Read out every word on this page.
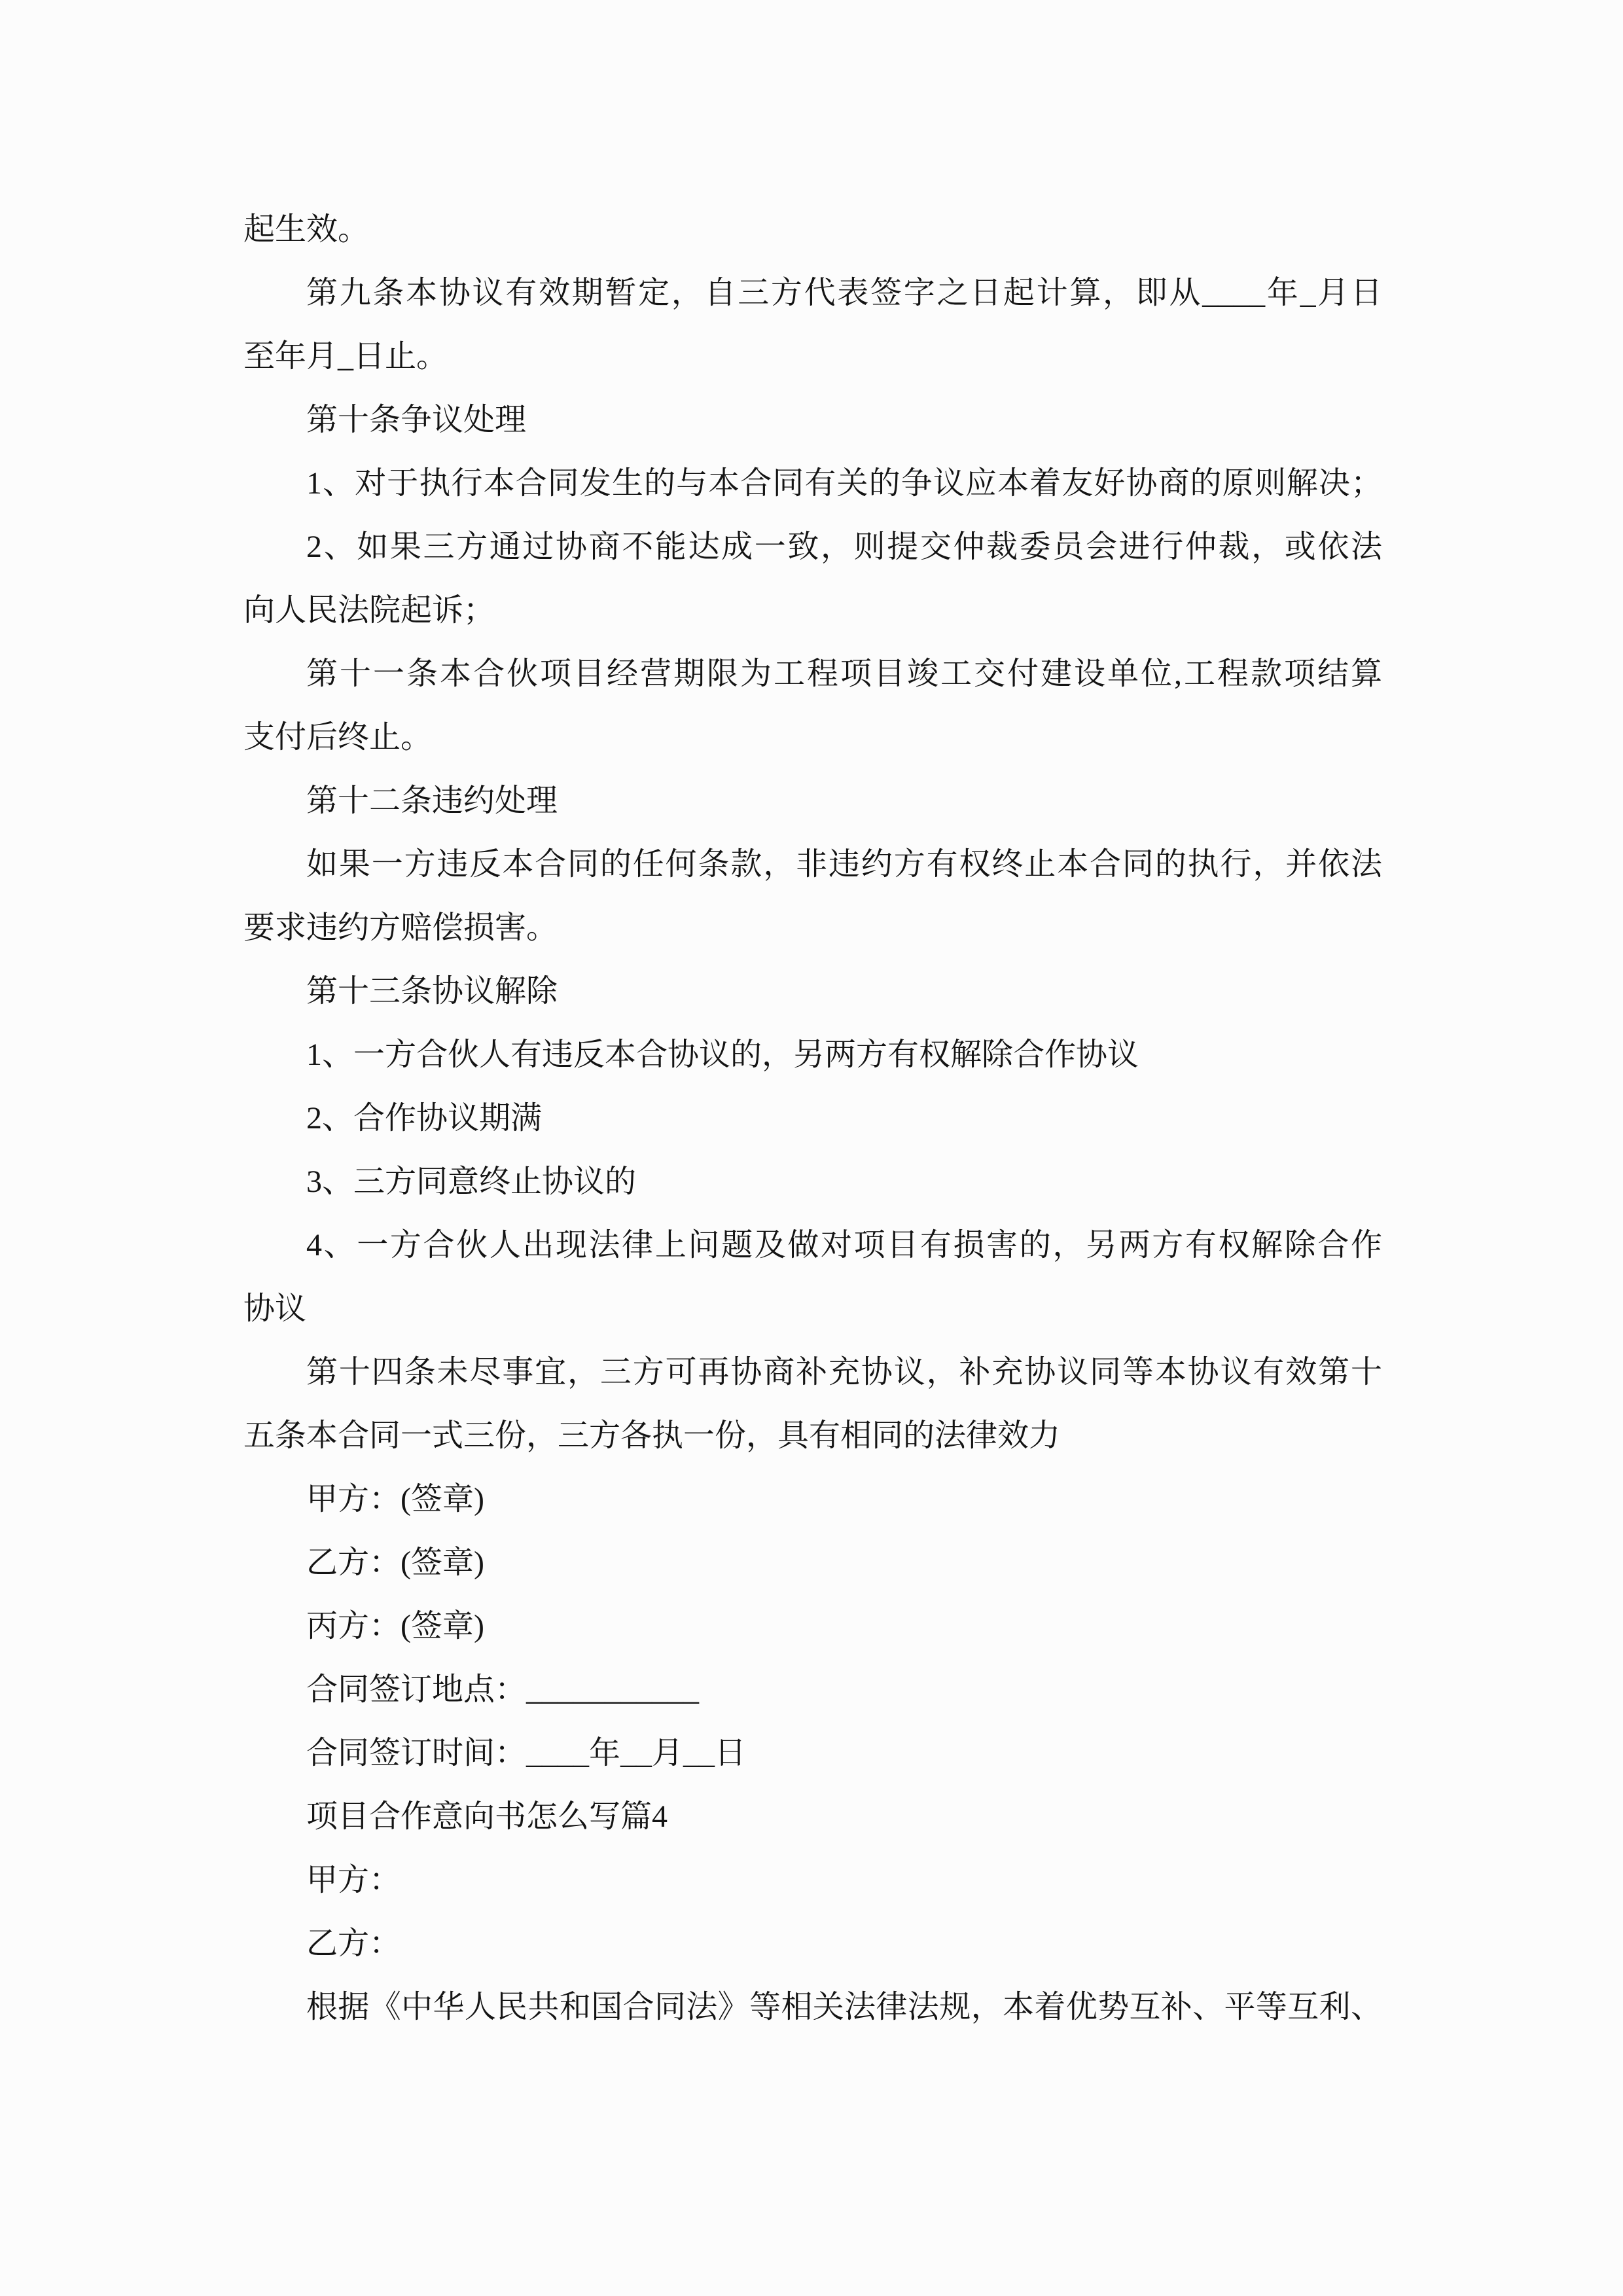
起生效。
第九条本协议有效期暂定，自三方代表签字之日起计算，即从____年_月日
至年月_日止。
第十条争议处理
1、对于执行本合同发生的与本合同有关的争议应本着友好协商的原则解决；
2、如果三方通过协商不能达成一致，则提交仲裁委员会进行仲裁，或依法
向人民法院起诉；
第十一条本合伙项目经营期限为工程项目竣工交付建设单位,工程款项结算
支付后终止。
第十二条违约处理
如果一方违反本合同的任何条款，非违约方有权终止本合同的执行，并依法
要求违约方赔偿损害。
第十三条协议解除
1、一方合伙人有违反本合协议的，另两方有权解除合作协议
2、合作协议期满
3、三方同意终止协议的
4、一方合伙人出现法律上问题及做对项目有损害的，另两方有权解除合作
协议
第十四条未尽事宜，三方可再协商补充协议，补充协议同等本协议有效第十
五条本合同一式三份，三方各执一份，具有相同的法律效力
甲方：(签章)
乙方：(签章)
丙方：(签章)
合同签订地点：___________
合同签订时间：____年__月__日
项目合作意向书怎么写篇4
甲方：
乙方：
根据《中华人民共和国合同法》等相关法律法规，本着优势互补、平等互利、
